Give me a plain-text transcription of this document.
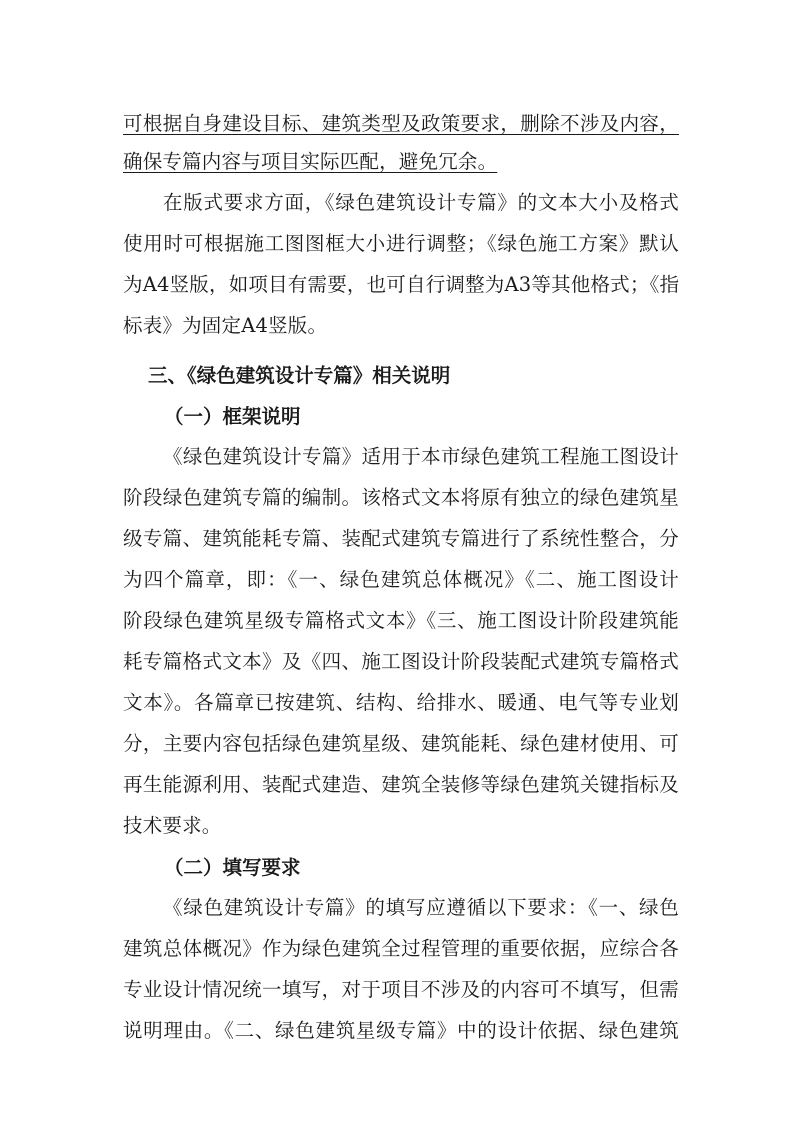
可根据自身建设目标、建筑类型及政策要求，删除不涉及内容，
确保专篇内容与项目实际匹配，避免冗余。
在版式要求方面，《绿色建筑设计专篇》的文本大小及格式
使用时可根据施工图图框大小进行调整；《绿色施工方案》默认
为A4竖版，如项目有需要，也可自行调整为A3等其他格式；《指
标表》为固定A4竖版。
三、《绿色建筑设计专篇》相关说明
（一）框架说明
《绿色建筑设计专篇》适用于本市绿色建筑工程施工图设计
阶段绿色建筑专篇的编制。该格式文本将原有独立的绿色建筑星
级专篇、建筑能耗专篇、装配式建筑专篇进行了系统性整合，分
为四个篇章，即：《一、绿色建筑总体概况》《二、施工图设计
阶段绿色建筑星级专篇格式文本》《三、施工图设计阶段建筑能
耗专篇格式文本》及《四、施工图设计阶段装配式建筑专篇格式
文本》。各篇章已按建筑、结构、给排水、暖通、电气等专业划
分，主要内容包括绿色建筑星级、建筑能耗、绿色建材使用、可
再生能源利用、装配式建造、建筑全装修等绿色建筑关键指标及
技术要求。
（二）填写要求
《绿色建筑设计专篇》的填写应遵循以下要求：《一、绿色
建筑总体概况》作为绿色建筑全过程管理的重要依据，应综合各
专业设计情况统一填写，对于项目不涉及的内容可不填写，但需
说明理由。《二、绿色建筑星级专篇》中的设计依据、绿色建筑
